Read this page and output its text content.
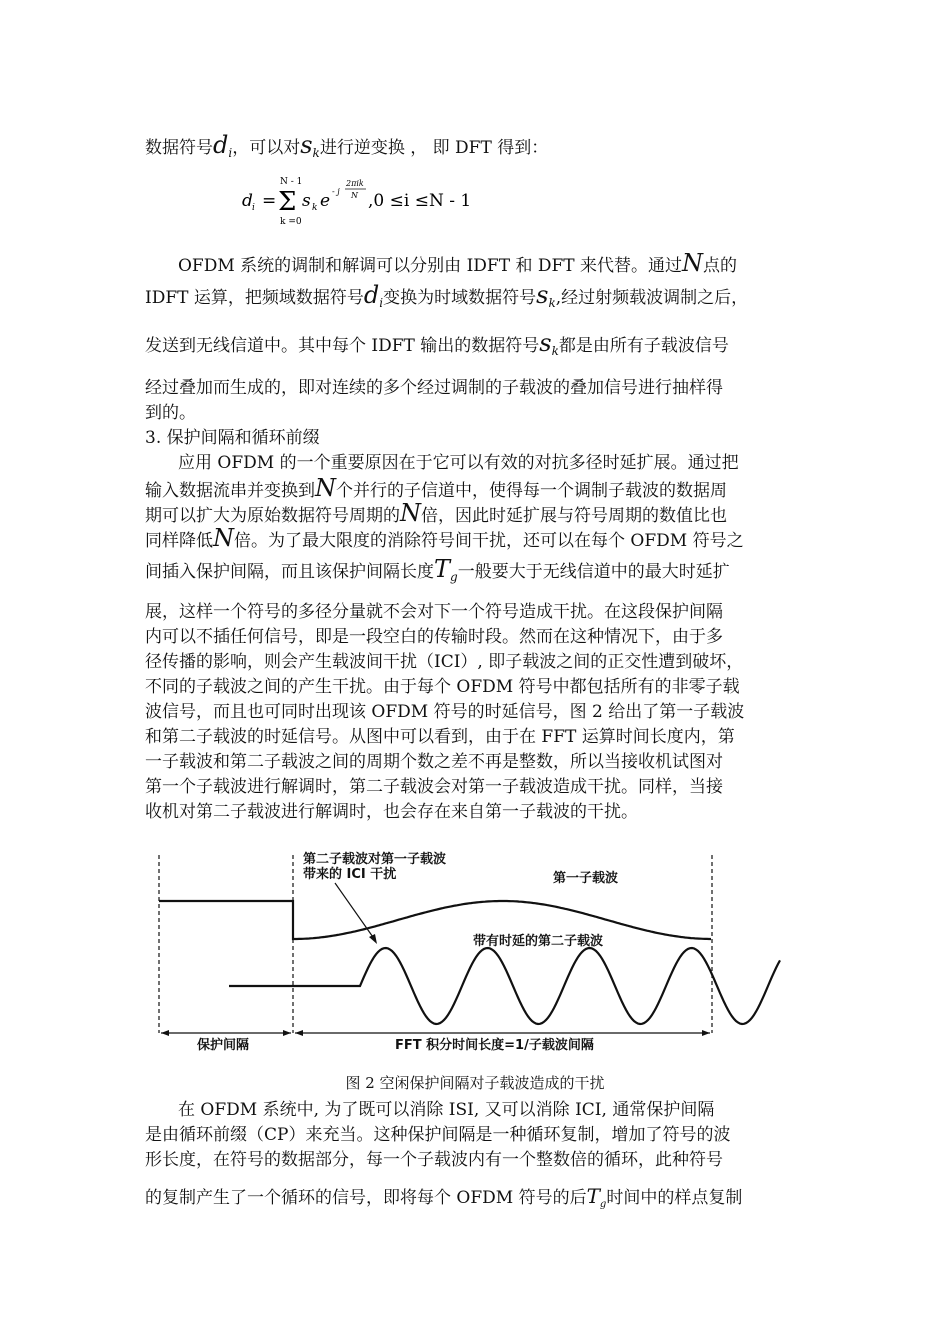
数据符号$d_i$，可以对$s_k$进行逆变换 ， 即 DFT 得到：
d i =
N - 1
Σ
k =0
s k e - j
2πik
N ,0 ≤i ≤N - 1
OFDM 系统的调制和解调可以分别由 IDFT 和 DFT 来代替。通过N点的
IDFT 运算，把频域数据符号$d_i$变换为时域数据符号$s_k$,经过射频载波调制之后，
发送到无线信道中。其中每个 IDFT 输出的数据符号$s_k$都是由所有子载波信号
经过叠加而生成的，即对连续的多个经过调制的子载波的叠加信号进行抽样得
到的。
3. 保护间隔和循环前缀
应用 OFDM 的一个重要原因在于它可以有效的对抗多径时延扩展。通过把
输入数据流串并变换到N个并行的子信道中，使得每一个调制子载波的数据周
期可以扩大为原始数据符号周期的N倍，因此时延扩展与符号周期的数值比也
同样降低N倍。为了最大限度的消除符号间干扰，还可以在每个 OFDM 符号之
间插入保护间隔，而且该保护间隔长度$T_g$一般要大于无线信道中的最大时延扩
展，这样一个符号的多径分量就不会对下一个符号造成干扰。在这段保护间隔
内可以不插任何信号，即是一段空白的传输时段。然而在这种情况下，由于多
径传播的影响，则会产生载波间干扰（ICI）, 即子载波之间的正交性遭到破坏，
不同的子载波之间的产生干扰。由于每个 OFDM 符号中都包括所有的非零子载
波信号，而且也可同时出现该 OFDM 符号的时延信号，图 2 给出了第一子载波
和第二子载波的时延信号。从图中可以看到，由于在 FFT 运算时间长度内，第
一子载波和第二子载波之间的周期个数之差不再是整数，所以当接收机试图对
第一个子载波进行解调时，第二子载波会对第一子载波造成干扰。同样，当接
收机对第二子载波进行解调时，也会存在来自第一子载波的干扰。
第二子载波对第一子载波
带来的 ICI 干扰	第一子载波
带有时延的第二子载波
保护间隔	FFT 积分时间长度=1/子载波间隔
图 2 空闲保护间隔对子载波造成的干扰
在 OFDM 系统中, 为了既可以消除 ISI, 又可以消除 ICI, 通常保护间隔
是由循环前缀（CP）来充当。这种保护间隔是一种循环复制，增加了符号的波
形长度，在符号的数据部分，每一个子载波内有一个整数倍的循环，此种符号
的复制产生了一个循环的信号，即将每个 OFDM 符号的后$T_g$时间中的样点复制
